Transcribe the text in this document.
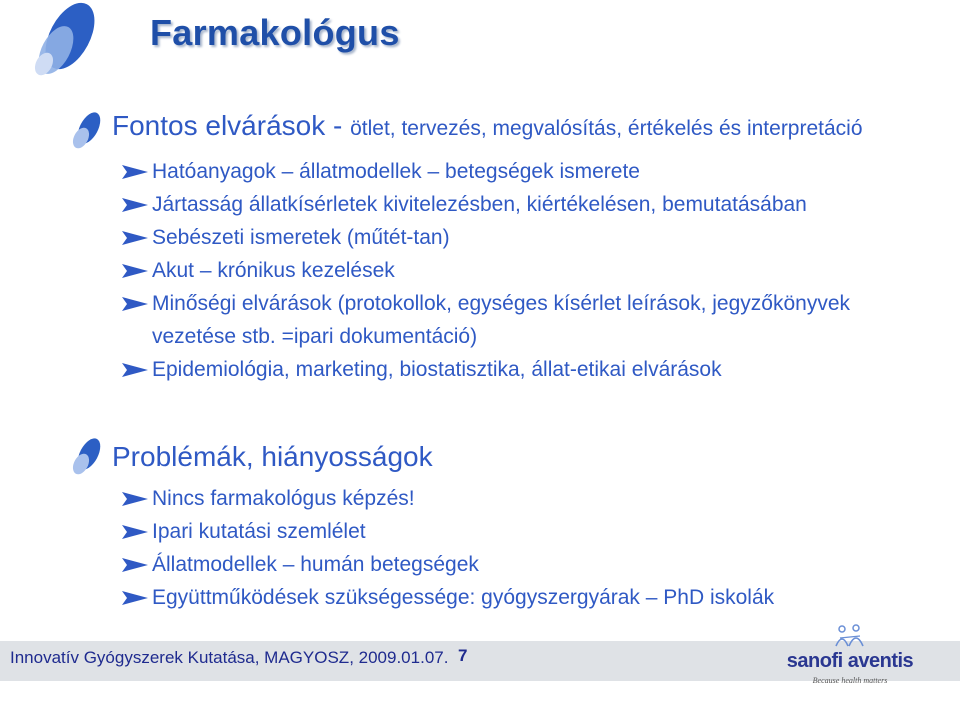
Farmakológus
Fontos elvárások - ötlet, tervezés, megvalósítás, értékelés és interpretáció
Hatóanyagok – állatmodellek – betegségek ismerete
Jártasság állatkísérletek kivitelezésben, kiértékelésen, bemutatásában
Sebészeti ismeretek (műtét-tan)
Akut – krónikus kezelések
Minőségi elvárások (protokollok, egységes kísérlet leírások, jegyzőkönyvek vezetése stb. =ipari dokumentáció)
Epidemiológia, marketing, biostatisztika, állat-etikai elvárások
Problémák, hiányosságok
Nincs farmakológus képzés!
Ipari kutatási szemlélet
Állatmodellek – humán betegségek
Együttműködések szükségessége: gyógyszergyárak – PhD iskolák
Innovatív Gyógyszerek Kutatása, MAGYOSZ, 2009.01.07. 7	sanofi aventis
Because health matters
